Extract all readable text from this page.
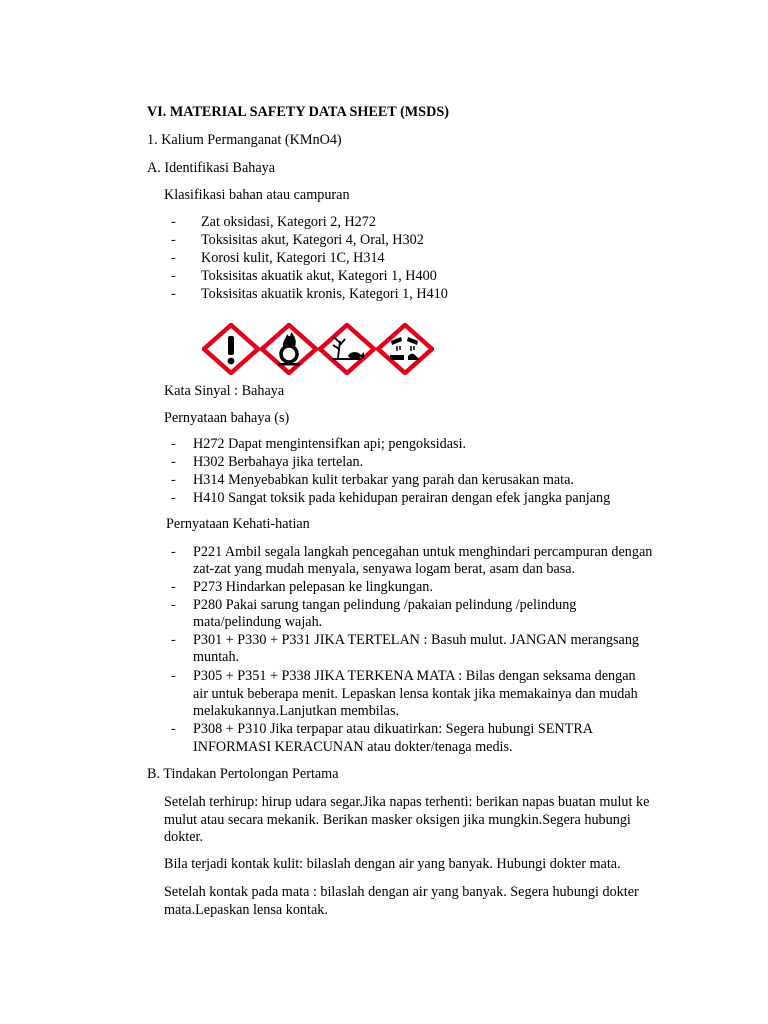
VI. MATERIAL SAFETY DATA SHEET (MSDS)
1. Kalium Permanganat (KMnO4)
A. Identifikasi Bahaya
Klasifikasi bahan atau campuran
- Zat oksidasi, Kategori 2, H272
- Toksisitas akut, Kategori 4, Oral, H302
- Korosi kulit, Kategori 1C, H314
- Toksisitas akuatik akut, Kategori 1, H400
- Toksisitas akuatik kronis, Kategori 1, H410
Kata Sinyal : Bahaya
Pernyataan bahaya (s)
- H272 Dapat mengintensifkan api; pengoksidasi.
- H302 Berbahaya jika tertelan.
- H314 Menyebabkan kulit terbakar yang parah dan kerusakan mata.
- H410 Sangat toksik pada kehidupan perairan dengan efek jangka panjang
Pernyataan Kehati-hatian
- P221 Ambil segala langkah pencegahan untuk menghindari percampuran dengan
zat-zat yang mudah menyala, senyawa logam berat, asam dan basa.
- P273 Hindarkan pelepasan ke lingkungan.
- P280 Pakai sarung tangan pelindung /pakaian pelindung /pelindung
mata/pelindung wajah.
- P301 + P330 + P331 JIKA TERTELAN : Basuh mulut. JANGAN merangsang
muntah.
- P305 + P351 + P338 JIKA TERKENA MATA : Bilas dengan seksama dengan
air untuk beberapa menit. Lepaskan lensa kontak jika memakainya dan mudah
melakukannya.Lanjutkan membilas.
- P308 + P310 Jika terpapar atau dikuatirkan: Segera hubungi SENTRA
INFORMASI KERACUNAN atau dokter/tenaga medis.
B. Tindakan Pertolongan Pertama
Setelah terhirup: hirup udara segar.Jika napas terhenti: berikan napas buatan mulut ke
mulut atau secara mekanik. Berikan masker oksigen jika mungkin.Segera hubungi
dokter.
Bila terjadi kontak kulit: bilaslah dengan air yang banyak. Hubungi dokter mata.
Setelah kontak pada mata : bilaslah dengan air yang banyak. Segera hubungi dokter
mata.Lepaskan lensa kontak.
